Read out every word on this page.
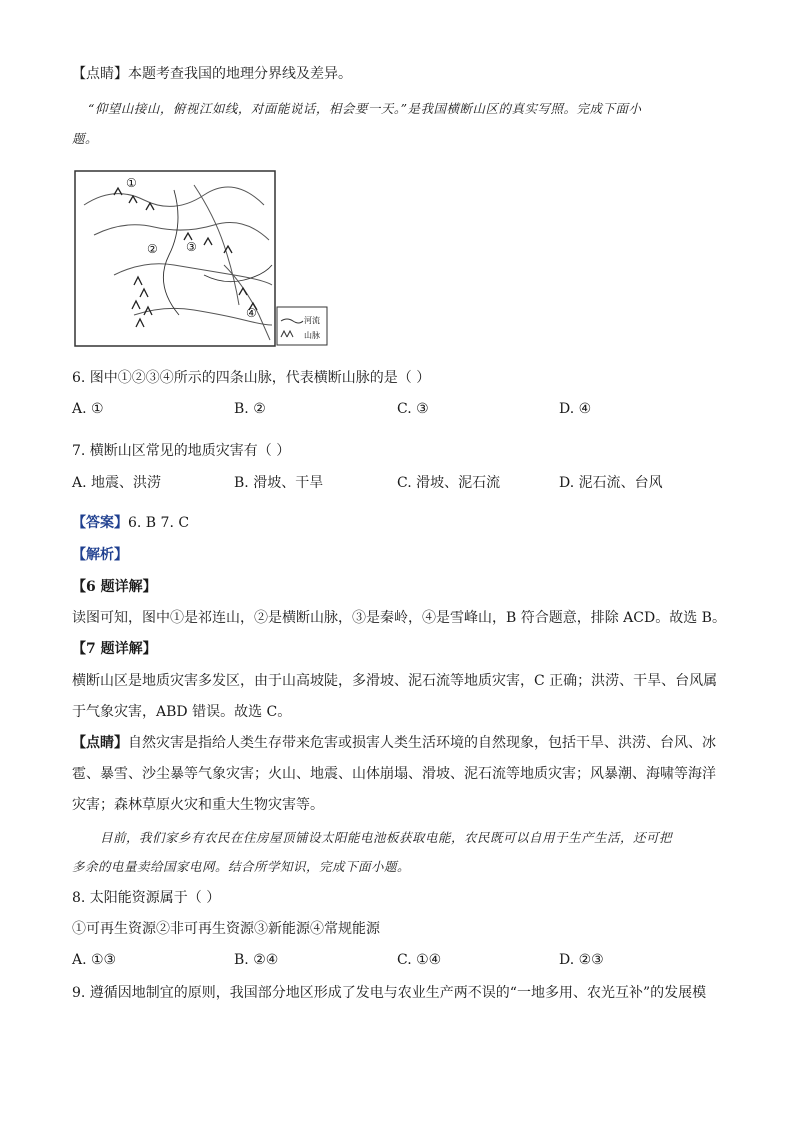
【点睛】本题考查我国的地理分界线及差异。
“仰望山接山，俯视江如线，对面能说话，相会要一天。”是我国横断山区的真实写照。完成下面小
题。
①
② ③
④
河流
山脉
6. 图中①②③④所示的四条山脉，代表横断山脉的是（ ）
A. ①	B. ②	C. ③	D. ④
7. 横断山区常见的地质灾害有（ ）
A. 地震、洪涝	B. 滑坡、干旱	C. 滑坡、泥石流	D. 泥石流、台风
【答案】6. B 7. C
【解析】
【6 题详解】
读图可知，图中①是祁连山，②是横断山脉，③是秦岭，④是雪峰山，B 符合题意，排除 ACD。故选 B。
【7 题详解】
横断山区是地质灾害多发区，由于山高坡陡，多滑坡、泥石流等地质灾害，C 正确；洪涝、干旱、台风属
于气象灾害，ABD 错误。故选 C。
【点睛】自然灾害是指给人类生存带来危害或损害人类生活环境的自然现象，包括干旱、洪涝、台风、冰
雹、暴雪、沙尘暴等气象灾害；火山、地震、山体崩塌、滑坡、泥石流等地质灾害；风暴潮、海啸等海洋
灾害；森林草原火灾和重大生物灾害等。
目前，我们家乡有农民在住房屋顶铺设太阳能电池板获取电能，农民既可以自用于生产生活，还可把
多余的电量卖给国家电网。结合所学知识，完成下面小题。
8. 太阳能资源属于（ ）
①可再生资源②非可再生资源③新能源④常规能源
A. ①③	B. ②④	C. ①④	D. ②③
9. 遵循因地制宜的原则，我国部分地区形成了发电与农业生产两不误的“一地多用、农光互补”的发展模
